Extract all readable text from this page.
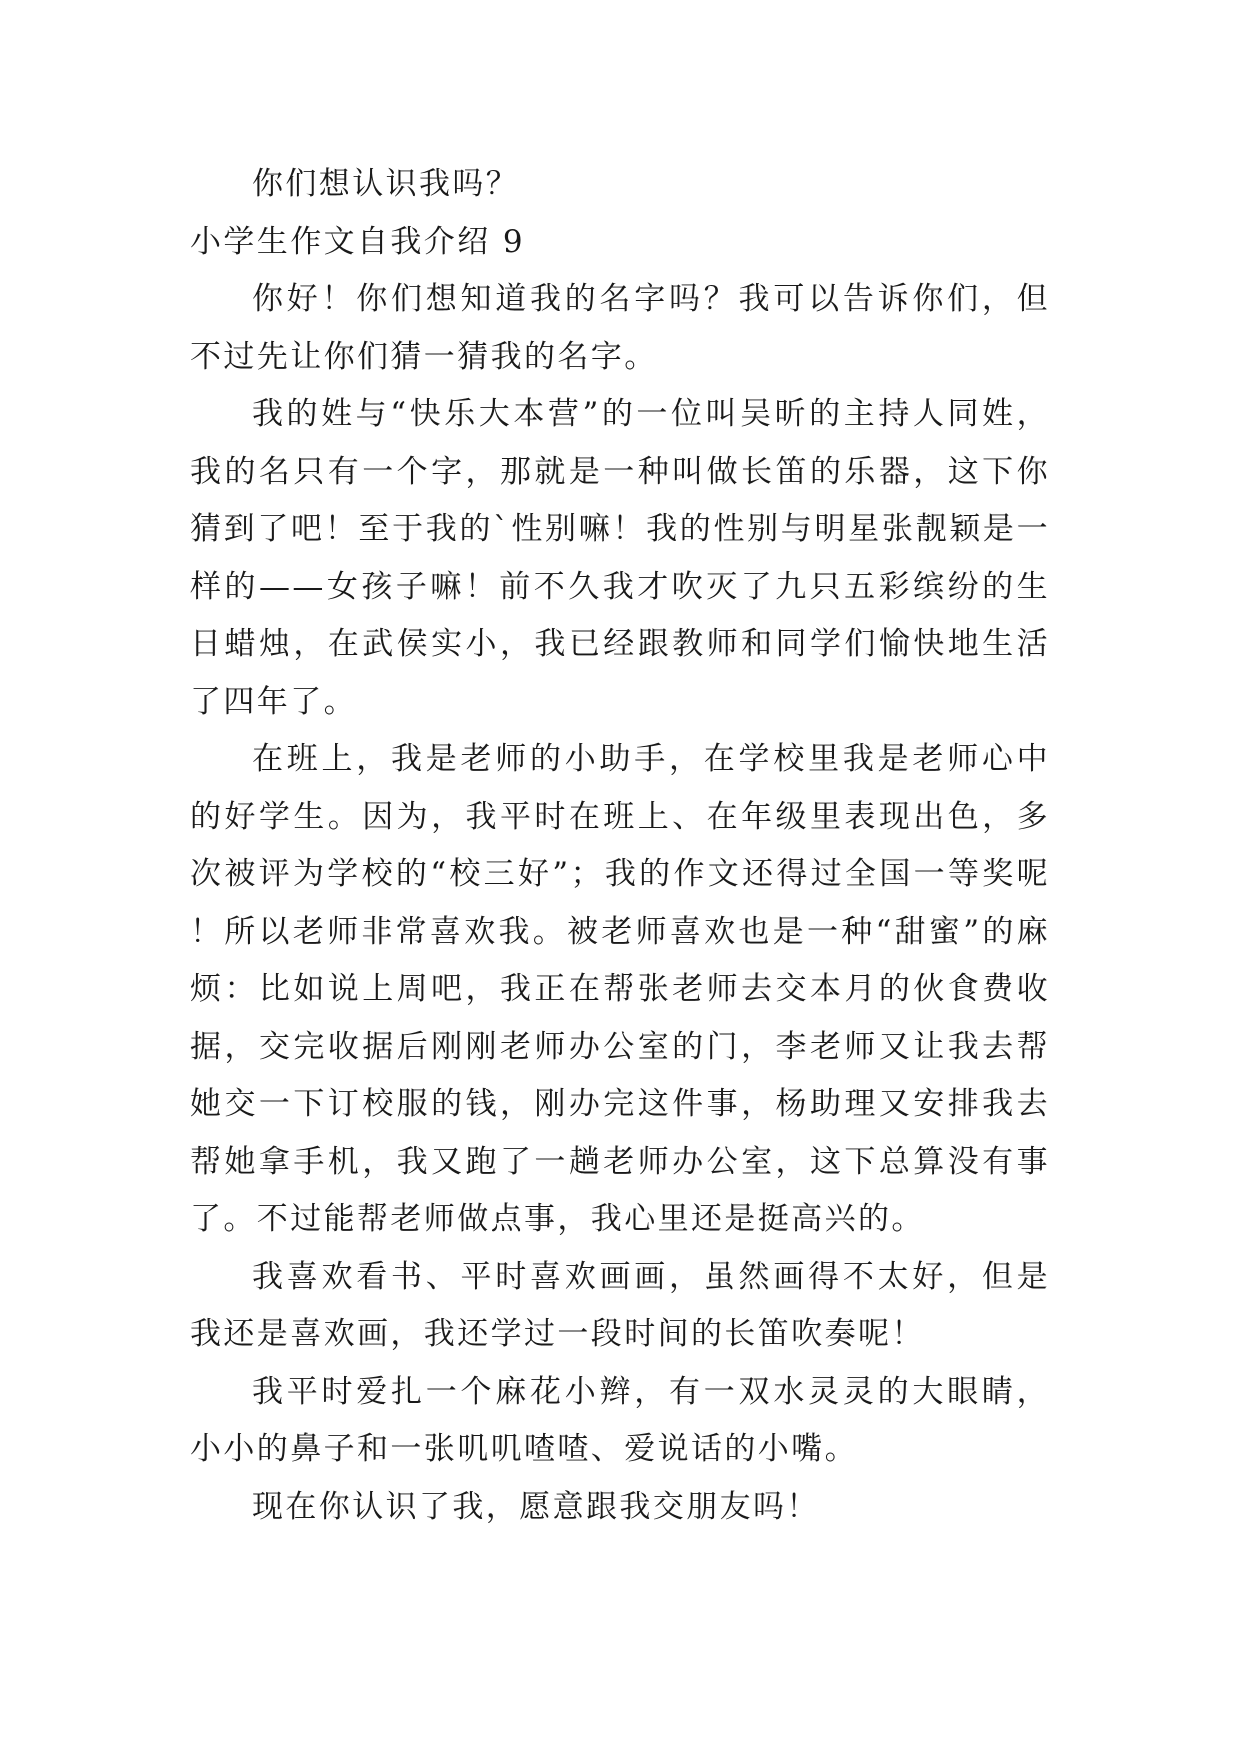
你们想认识我吗？

小学生作文自我介绍 9

你好！你们想知道我的名字吗？我可以告诉你们，但不过先让你们猜一猜我的名字。

我的姓与“快乐大本营”的一位叫吴昕的主持人同姓，我的名只有一个字，那就是一种叫做长笛的乐器，这下你猜到了吧！至于我的`性别嘛！我的性别与明星张靓颖是一样的——女孩子嘛！前不久我才吹灭了九只五彩缤纷的生日蜡烛，在武侯实小，我已经跟教师和同学们愉快地生活了四年了。

在班上，我是老师的小助手，在学校里我是老师心中的好学生。因为，我平时在班上、在年级里表现出色，多次被评为学校的“校三好”；我的作文还得过全国一等奖呢！所以老师非常喜欢我。被老师喜欢也是一种“甜蜜”的麻烦：比如说上周吧，我正在帮张老师去交本月的伙食费收据，交完收据后刚刚老师办公室的门，李老师又让我去帮她交一下订校服的钱，刚办完这件事，杨助理又安排我去帮她拿手机，我又跑了一趟老师办公室，这下总算没有事了。不过能帮老师做点事，我心里还是挺高兴的。

我喜欢看书、平时喜欢画画，虽然画得不太好，但是我还是喜欢画，我还学过一段时间的长笛吹奏呢！

我平时爱扎一个麻花小辫，有一双水灵灵的大眼睛，小小的鼻子和一张叽叽喳喳、爱说话的小嘴。

现在你认识了我，愿意跟我交朋友吗！
